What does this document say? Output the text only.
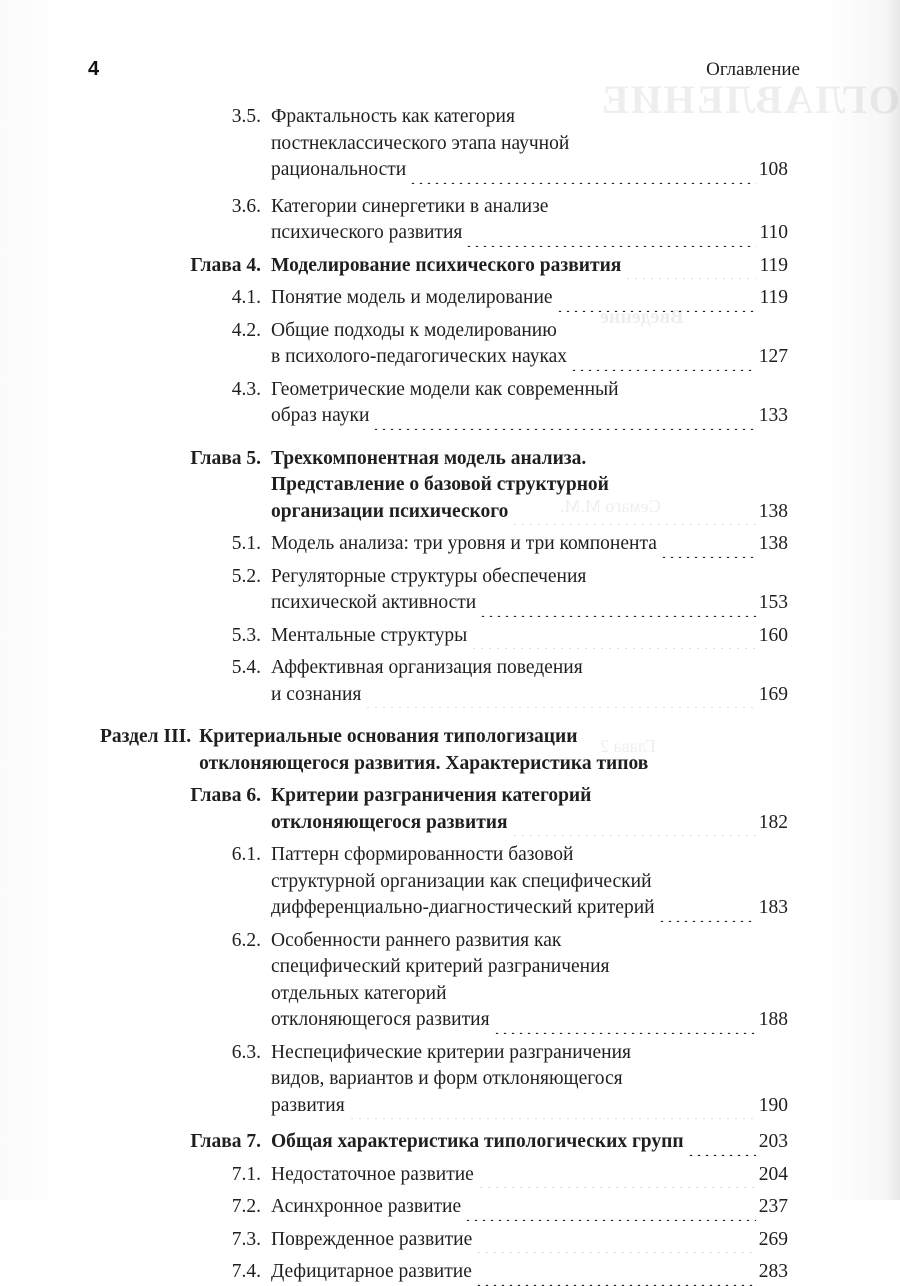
ОГЛАВЛЕНИЕ
Введение
Глава 2
4	Оглавление
3.5. Фрактальность как категория
постнеклассического этапа научной
рациональности	108
3.6. Категории синергетики в анализе
психического развития	110
Глава 4. Моделирование психического развития	119
4.1. Понятие модель и моделирование	119
4.2. Общие подходы к моделированию
в психолого-педагогических науках	127
4.3. Геометрические модели как современный
образ науки	133
Глава 5. Трехкомпонентная модель анализа.
Представление о базовой структурной
организации психического	138
5.1. Модель анализа: три уровня и три компонента	138
5.2. Регуляторные структуры обеспечения
психической активности	153
5.3. Ментальные структуры	160
5.4. Аффективная организация поведения
и сознания	169
Раздел III. Критериальные основания типологизации
отклоняющегося развития. Характеристика типов
Глава 6. Критерии разграничения категорий
отклоняющегося развития	182
6.1. Паттерн сформированности базовой
структурной организации как специфический
дифференциально-диагностический критерий	183
6.2. Особенности раннего развития как
специфический критерий разграничения
отдельных категорий
отклоняющегося развития	188
6.3. Неспецифические критерии разграничения
видов, вариантов и форм отклоняющегося
развития	190
Глава 7. Общая характеристика типологических групп	203
7.1. Недостаточное развитие	204
7.2. Асинхронное развитие	237
7.3. Поврежденное развитие	269
7.4. Дефицитарное развитие	283
